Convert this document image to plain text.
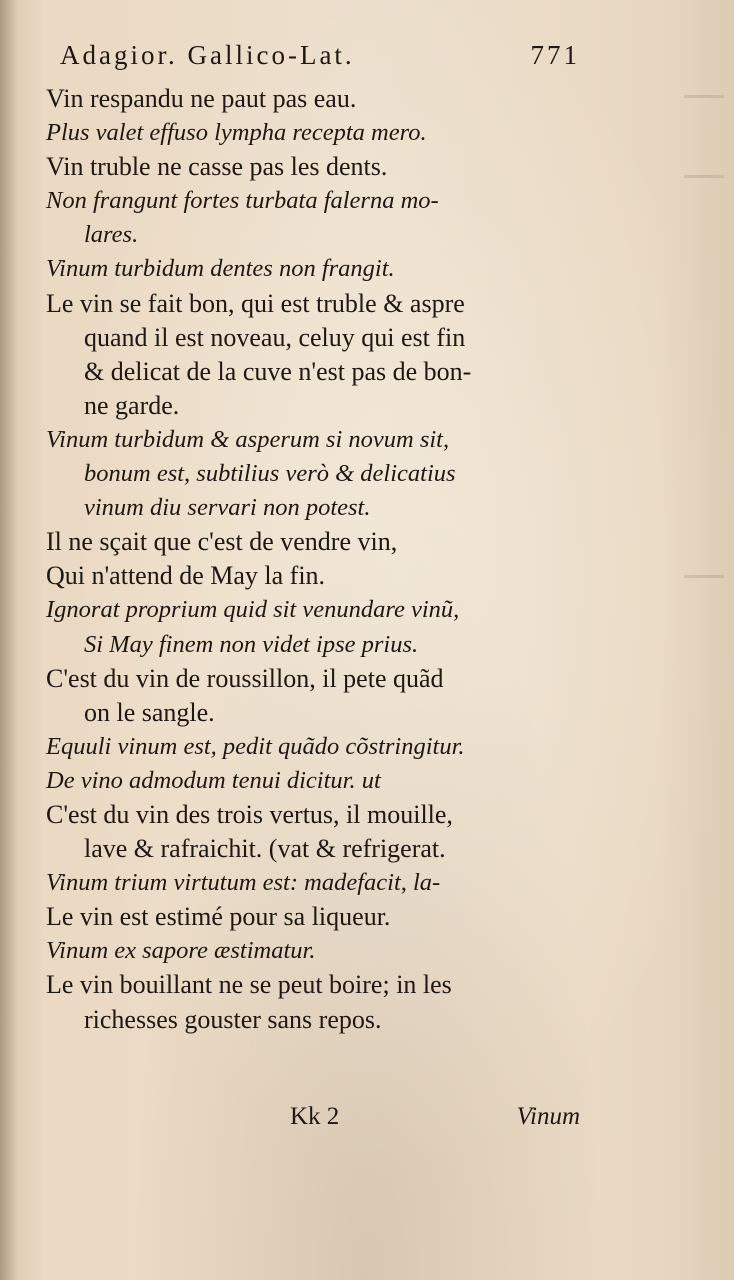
Adagior. Gallico-Lat.	771
Vin respandu ne paut pas eau.
Plus valet effuso lympha recepta mero.
Vin truble ne casse pas les dents.
Non frangunt fortes turbata falerna mo-
lares.
Vinum turbidum dentes non frangit.
Le vin se fait bon, qui est truble & aspre
quand il est noveau, celuy qui est fin
& delicat de la cuve n'est pas de bon-
ne garde.
Vinum turbidum & asperum si novum sit,
bonum est, subtilius verò & delicatius
vinum diu servari non potest.
Il ne sçait que c'est de vendre vin,
Qui n'attend de May la fin.
Ignorat proprium quid sit venundare vinũ,
Si May finem non videt ipse prius.
C'est du vin de roussillon, il pete quãd
on le sangle.
Equuli vinum est, pedit quãdo cõstringitur.
De vino admodum tenui dicitur. ut
C'est du vin des trois vertus, il mouille,
lave & rafraichit. (vat & refrigerat.
Vinum trium virtutum est: madefacit, la-
Le vin est estimé pour sa liqueur.
Vinum ex sapore æstimatur.
Le vin bouillant ne se peut boire; in les
richesses gouster sans repos.
Kk 2	Vinum
